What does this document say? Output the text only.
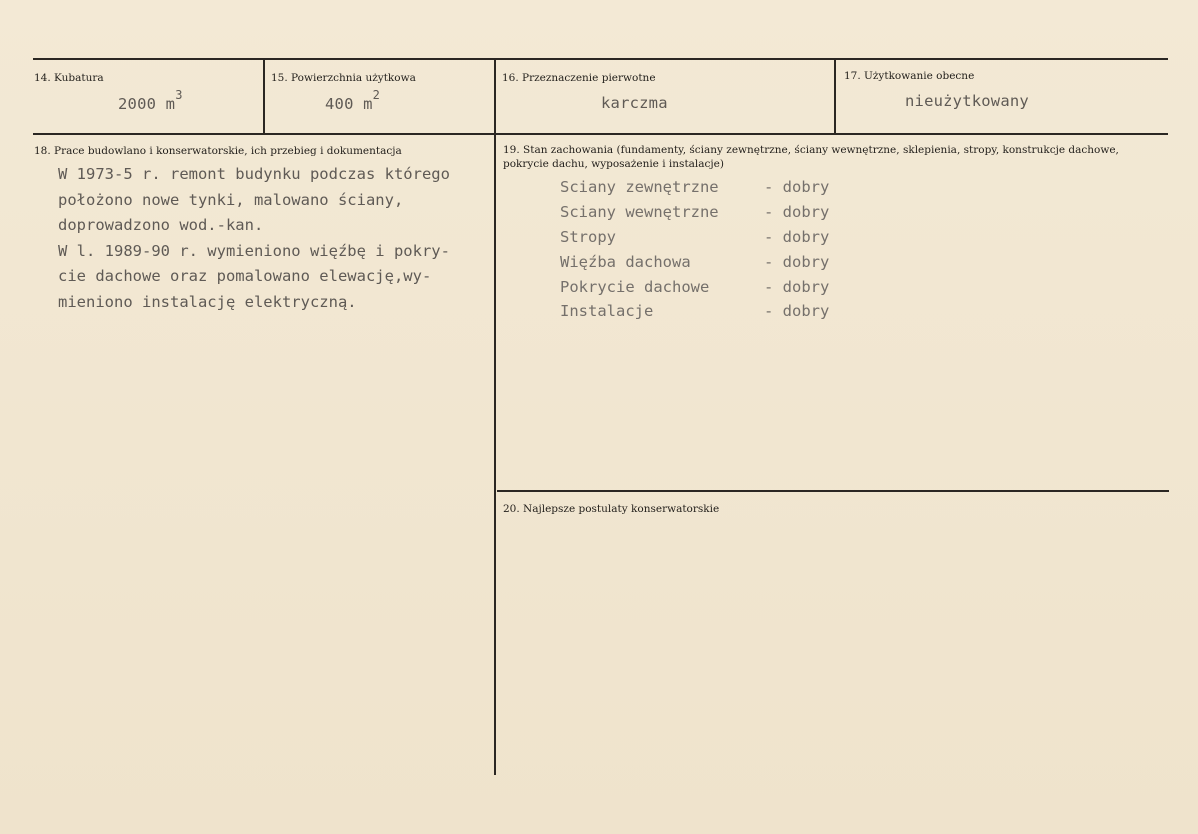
14. Kubatura
2000 $m^3$
15. Powierzchnia użytkowa
400 $m^2$
16. Przeznaczenie pierwotne
karczma
17. Użytkowanie obecne
nieużytkowany
18. Prace budowlano i konserwatorskie, ich przebieg i dokumentacja
W 1973-5 r. remont budynku podczas którego
położono nowe tynki, malowano ściany,
doprowadzono wod.-kan.
W l. 1989-90 r. wymieniono więźbę i pokry-
cie dachowe oraz pomalowano elewację,wy-
mieniono instalację elektryczną.
19. Stan zachowania (fundamenty, ściany zewnętrzne, ściany wewnętrzne, sklepienia, stropy, konstrukcje dachowe, pokrycie dachu, wyposażenie i instalacje)
Sciany zewnętrzne	- dobry
Sciany wewnętrzne	- dobry
Stropy	- dobry
Więźba dachowa	- dobry
Pokrycie dachowe	- dobry
Instalacje	- dobry
20. Najlepsze postulaty konserwatorskie
